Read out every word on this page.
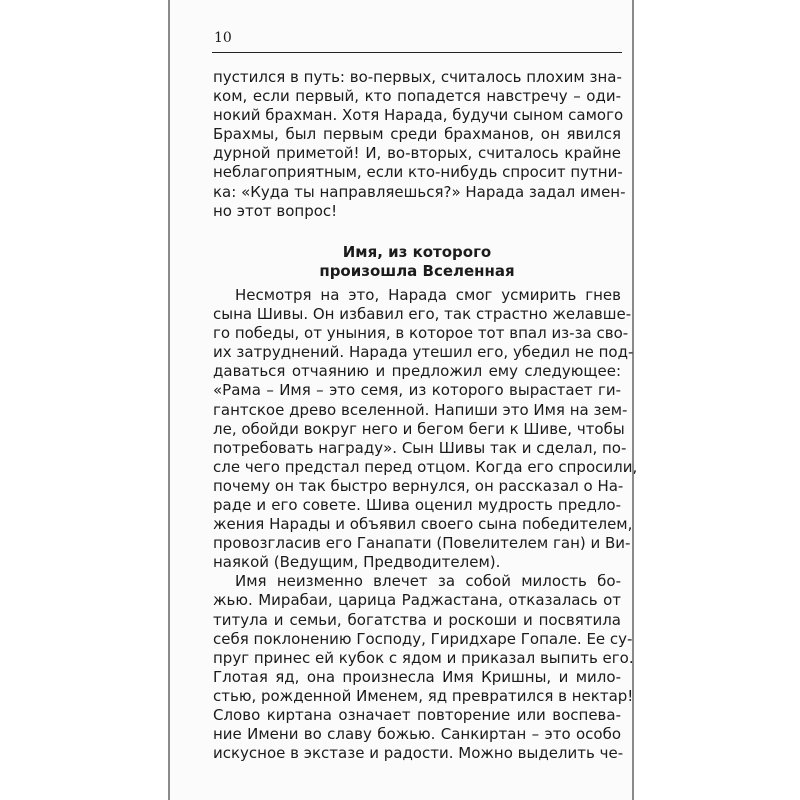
10

пустился в путь: во-первых, считалось плохим зна-
ком, если первый, кто попадется навстречу – оди-
нокий брахман. Хотя Нарада, будучи сыном самого
Брахмы, был первым среди брахманов, он явился
дурной приметой! И, во-вторых, считалось крайне
неблагоприятным, если кто-нибудь спросит путни-
ка: «Куда ты направляешься?» Нарада задал имен-
но этот вопрос!

Имя, из которого
произошла Вселенная

Несмотря на это, Нарада смог усмирить гнев
сына Шивы. Он избавил его, так страстно желавше-
го победы, от уныния, в которое тот впал из-за сво-
их затруднений. Нарада утешил его, убедил не под-
даваться отчаянию и предложил ему следующее:
«Рама – Имя – это семя, из которого вырастает ги-
гантское древо вселенной. Напиши это Имя на зем-
ле, обойди вокруг него и бегом беги к Шиве, чтобы
потребовать награду». Сын Шивы так и сделал, по-
сле чего предстал перед отцом. Когда его спросили,
почему он так быстро вернулся, он рассказал о На-
раде и его совете. Шива оценил мудрость предло-
жения Нарады и объявил своего сына победителем,
провозгласив его Ганапати (Повелителем ган) и Ви-
наякой (Ведущим, Предводителем).

Имя неизменно влечет за собой милость бо-
жью. Мирабаи, царица Раджастана, отказалась от
титула и семьи, богатства и роскоши и посвятила
себя поклонению Господу, Гиридхаре Гопале. Ее су-
пруг принес ей кубок с ядом и приказал выпить его.
Глотая яд, она произнесла Имя Кришны, и мило-
стью, рожденной Именем, яд превратился в нектар!
Слово киртана означает повторение или воспева-
ние Имени во славу божью. Санкиртан – это особо
искусное в экстазе и радости. Можно выделить че-
